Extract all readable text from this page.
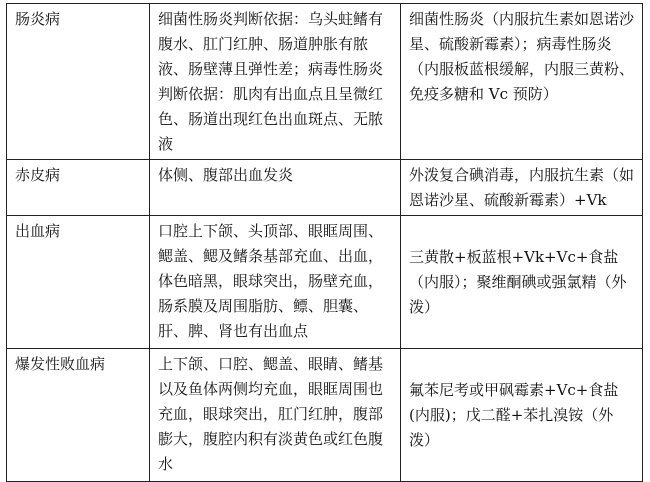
肠炎病	细菌性肠炎判断依据：乌头蛀鳍有腹水、肛门红肿、肠道肿胀有脓液、肠壁薄且弹性差；病毒性肠炎判断依据：肌肉有出血点且呈微红色、肠道出现红色出血斑点、无脓液	细菌性肠炎（内服抗生素如恩诺沙星、硫酸新霉素）；病毒性肠炎（内服板蓝根缓解，内服三黄粉、免疫多糖和 Vc 预防）
赤皮病	体侧、腹部出血发炎	外泼复合碘消毒，内服抗生素（如恩诺沙星、硫酸新霉素）+Vk
出血病	口腔上下颌、头顶部、眼眶周围、鳃盖、鳃及鳍条基部充血、出血，体色暗黑，眼球突出，肠壁充血，肠系膜及周围脂肪、鳔、胆囊、肝、脾、肾也有出血点	三黄散+板蓝根+Vk+Vc+食盐（内服）；聚维酮碘或强氯精（外泼）
爆发性败血病	上下颌、口腔、鳃盖、眼睛、鳍基以及鱼体两侧均充血，眼眶周围也充血，眼球突出，肛门红肿，腹部膨大，腹腔内积有淡黄色或红色腹水	氟苯尼考或甲砜霉素+Vc+食盐(内服)；戊二醛+苯扎溴铵（外泼）
